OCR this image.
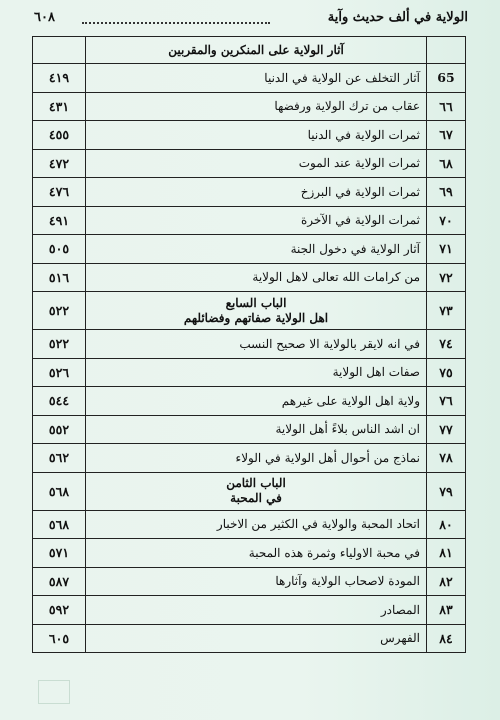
الولاية في ألف حديث وآية
٦٠٨
	آثار الولاية على المنكرين والمقربين	
65	آثار التخلف عن الولاية في الدنيا	٤١٩
٦٦	عقاب من ترك الولاية ورفضها	٤٣١
٦٧	ثمرات الولاية في الدنيا	٤٥٥
٦٨	ثمرات الولاية عند الموت	٤٧٢
٦٩	ثمرات الولاية في البرزخ	٤٧٦
٧٠	ثمرات الولاية في الآخرة	٤٩١
٧١	آثار الولاية في دخول الجنة	٥٠٥
٧٢	من كرامات الله تعالى لاهل الولاية	٥١٦
٧٣	الباب السابع
اهل الولاية صفاتهم وفضائلهم	٥٢٢
٧٤	في انه لايقر بالولاية الا صحيح النسب	٥٢٢
٧٥	صفات اهل الولاية	٥٢٦
٧٦	ولاية اهل الولاية على غيرهم	٥٤٤
٧٧	ان اشد الناس بلاءً أهل الولاية	٥٥٢
٧٨	نماذج من أحوال أهل الولاية في الولاء	٥٦٢
٧٩	الباب الثامن
في المحبة	٥٦٨
٨٠	اتحاد المحبة والولاية في الكثير من الاخبار	٥٦٨
٨١	في محبة الاولياء وثمرة هذه المحبة	٥٧١
٨٢	المودة لاصحاب الولاية وآثارها	٥٨٧
٨٣	المصادر	٥٩٢
٨٤	الفهرس	٦٠٥
